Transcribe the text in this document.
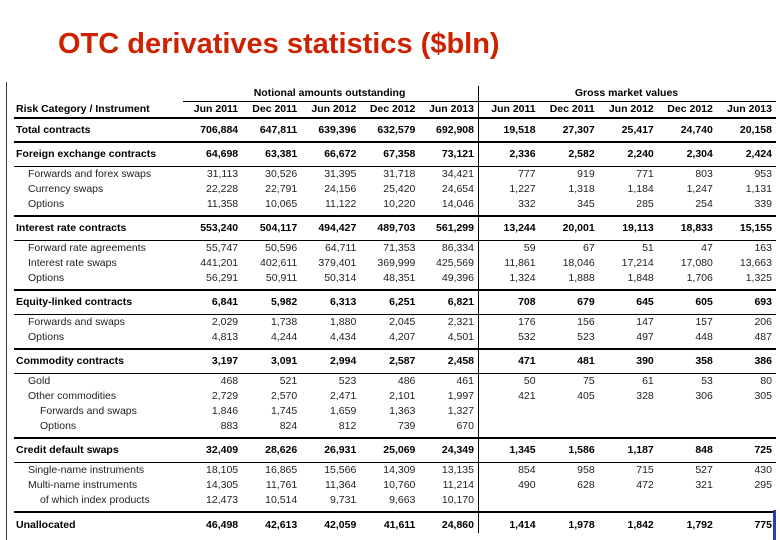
OTC derivatives statistics ($bln)
	Notional amounts outstanding					Gross market values				
Risk Category / Instrument	Jun 2011	Dec 2011	Jun 2012	Dec 2012	Jun 2013	Jun 2011	Dec 2011	Jun 2012	Dec 2012	Jun 2013
Total contracts	706,884	647,811	639,396	632,579	692,908	19,518	27,307	25,417	24,740	20,158
Foreign exchange contracts	64,698	63,381	66,672	67,358	73,121	2,336	2,582	2,240	2,304	2,424
Forwards and forex swaps	31,113	30,526	31,395	31,718	34,421	777	919	771	803	953
Currency swaps	22,228	22,791	24,156	25,420	24,654	1,227	1,318	1,184	1,247	1,131
Options	11,358	10,065	11,122	10,220	14,046	332	345	285	254	339
Interest rate contracts	553,240	504,117	494,427	489,703	561,299	13,244	20,001	19,113	18,833	15,155
Forward rate agreements	55,747	50,596	64,711	71,353	86,334	59	67	51	47	163
Interest rate swaps	441,201	402,611	379,401	369,999	425,569	11,861	18,046	17,214	17,080	13,663
Options	56,291	50,911	50,314	48,351	49,396	1,324	1,888	1,848	1,706	1,325
Equity-linked contracts	6,841	5,982	6,313	6,251	6,821	708	679	645	605	693
Forwards and swaps	2,029	1,738	1,880	2,045	2,321	176	156	147	157	206
Options	4,813	4,244	4,434	4,207	4,501	532	523	497	448	487
Commodity contracts	3,197	3,091	2,994	2,587	2,458	471	481	390	358	386
Gold	468	521	523	486	461	50	75	61	53	80
Other commodities	2,729	2,570	2,471	2,101	1,997	421	405	328	306	305
Forwards and swaps	1,846	1,745	1,659	1,363	1,327					
Options	883	824	812	739	670					
Credit default swaps	32,409	28,626	26,931	25,069	24,349	1,345	1,586	1,187	848	725
Single-name instruments	18,105	16,865	15,566	14,309	13,135	854	958	715	527	430
Multi-name instruments	14,305	11,761	11,364	10,760	11,214	490	628	472	321	295
of which index products	12,473	10,514	9,731	9,663	10,170					
Unallocated	46,498	42,613	42,059	41,611	24,860	1,414	1,978	1,842	1,792	775
